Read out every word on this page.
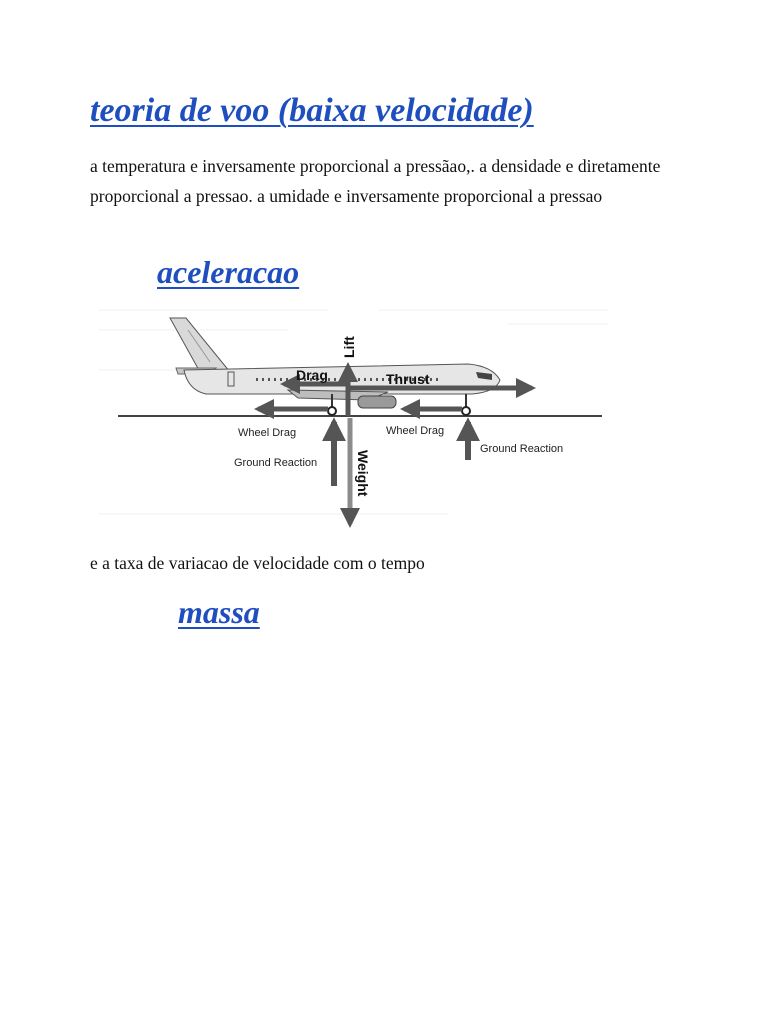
teoria de voo (baixa velocidade)

a temperatura e inversamente proporcional a pressãao,. a densidade e diretamente proporcional a pressao. a umidade e inversamente proporcional a pressao

aceleracao
Lift
Drag	Thrust
Wheel Drag	Wheel Drag
Ground Reaction
Ground Reaction
Weight

e a taxa de variacao de velocidade com o tempo

massa
